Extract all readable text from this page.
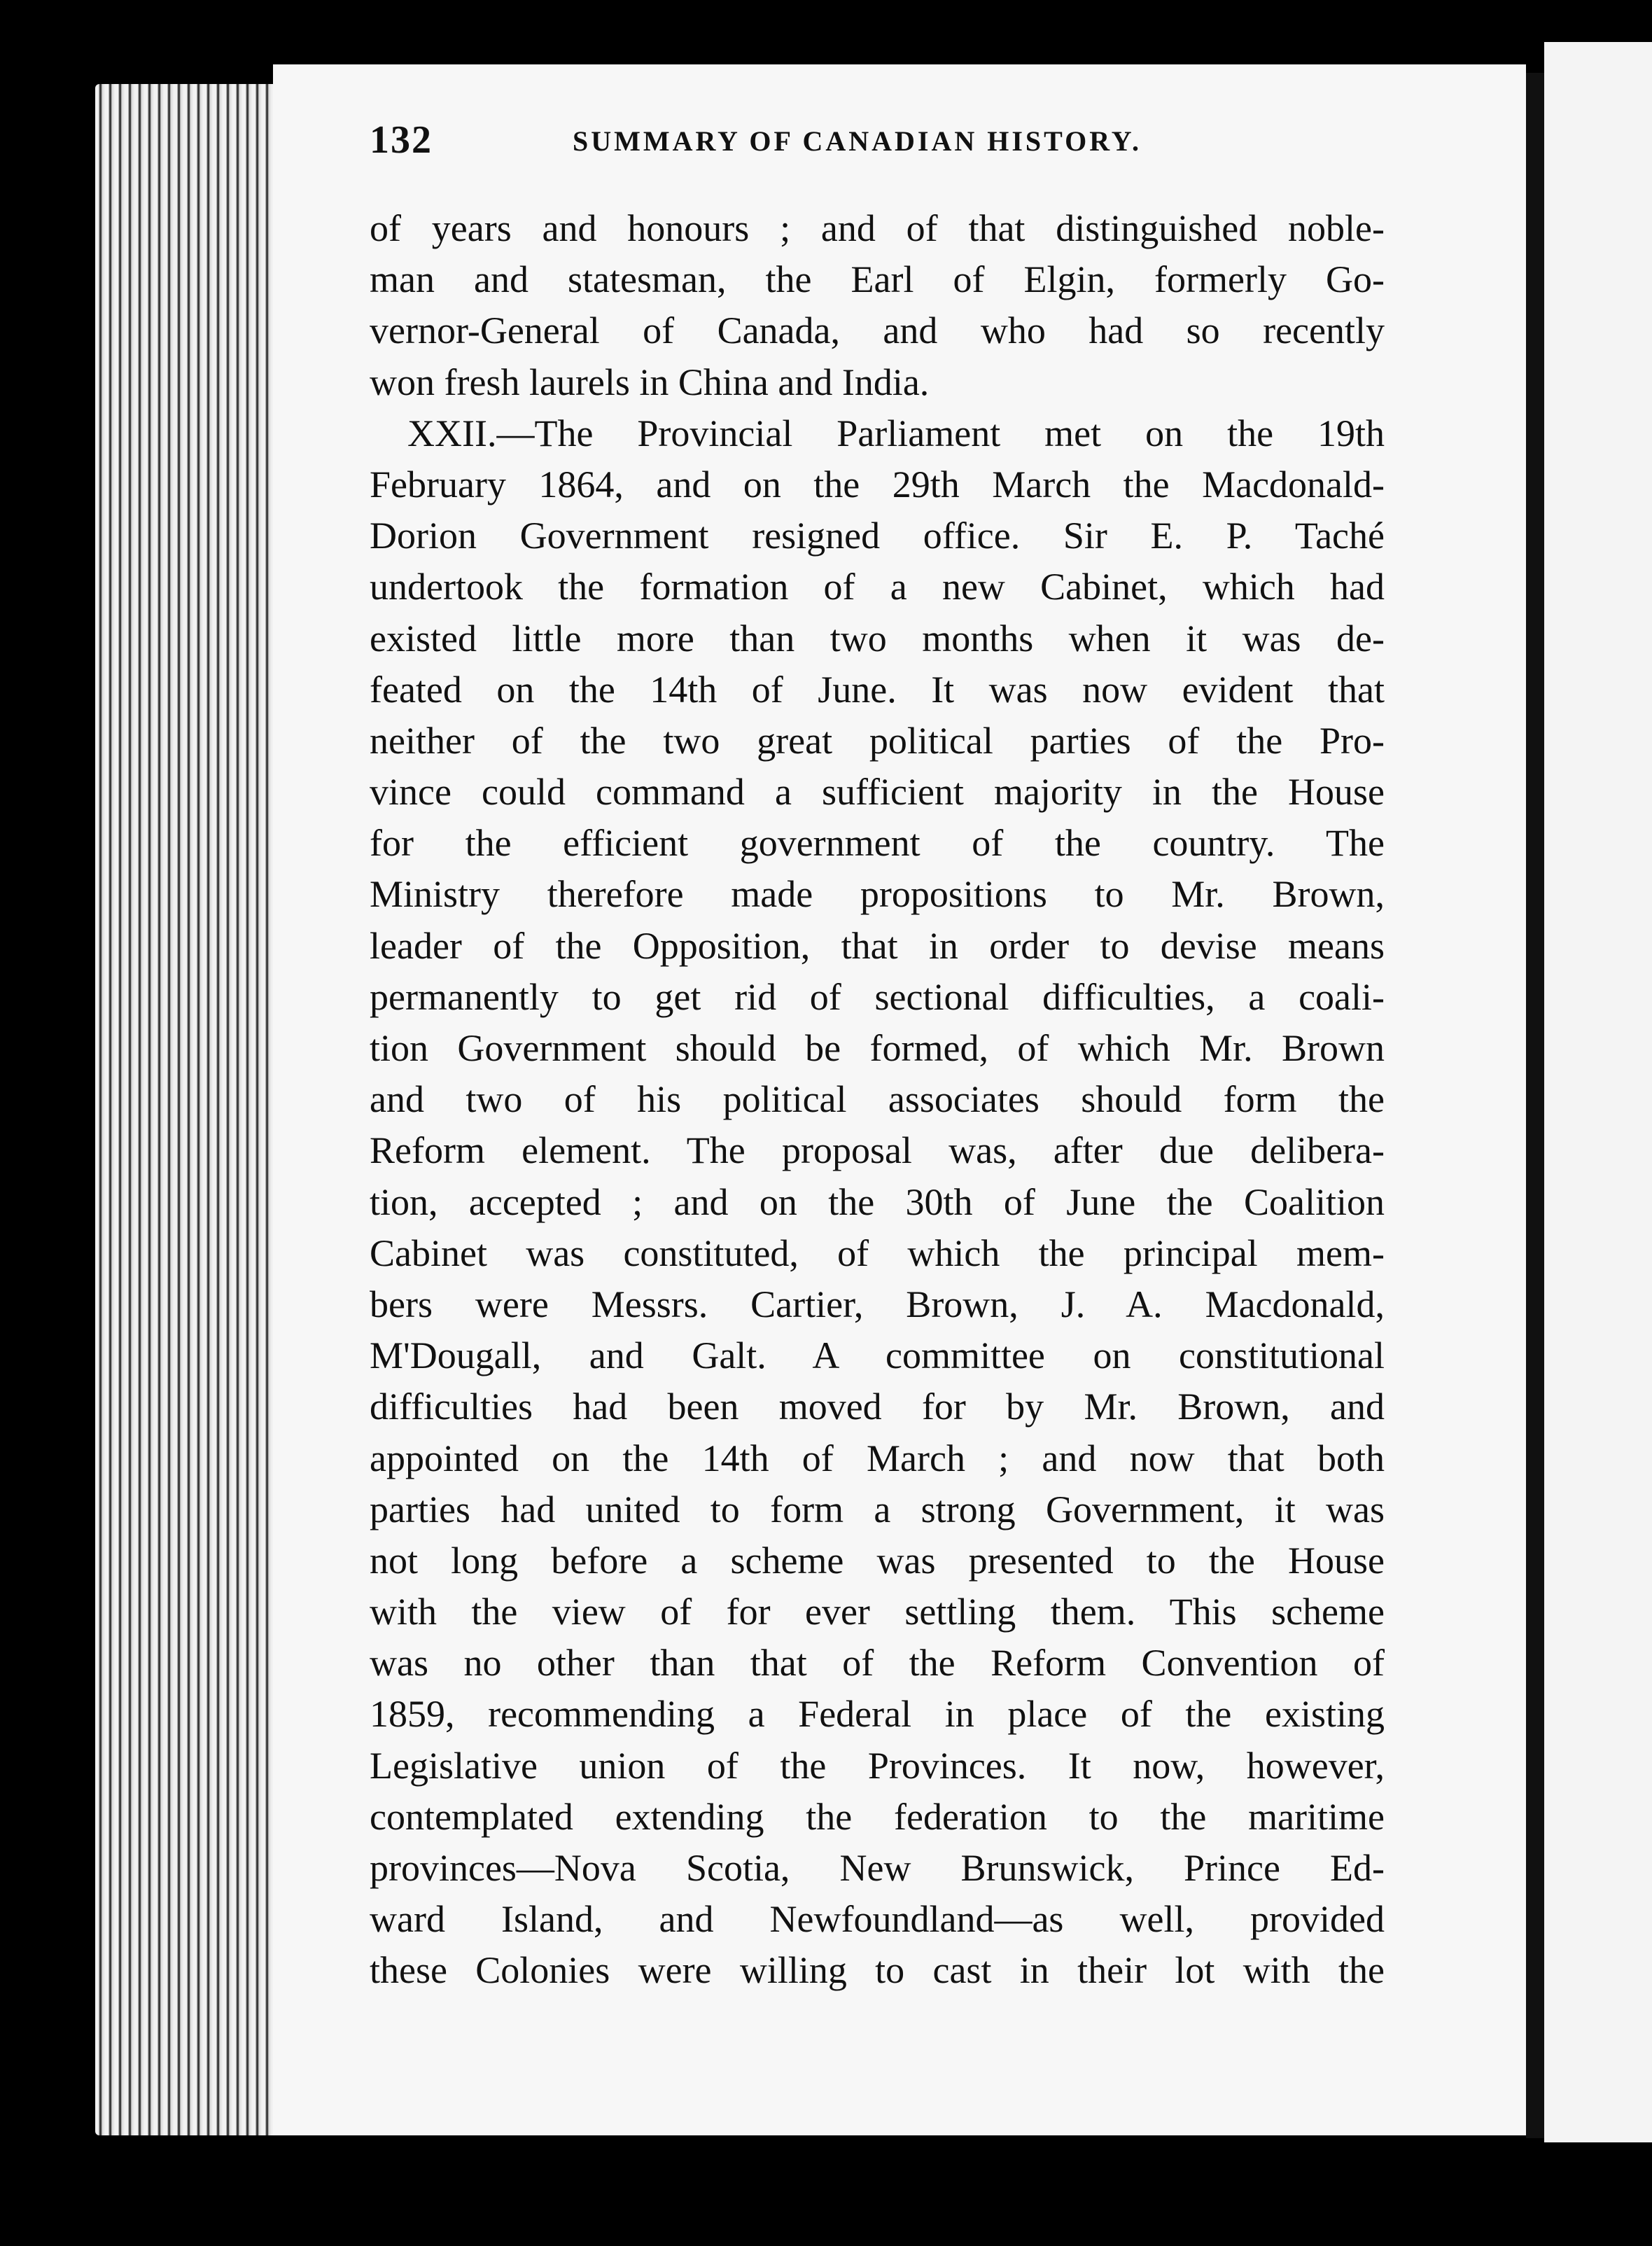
132	SUMMARY OF CANADIAN HISTORY.
of years and honours ; and of that distinguished noble-
man and statesman, the Earl of Elgin, formerly Go-
vernor-General of Canada, and who had so recently
won fresh laurels in China and India.
XXII.—The Provincial Parliament met on the 19th
February 1864, and on the 29th March the Macdonald-
Dorion Government resigned office. Sir E. P. Taché
undertook the formation of a new Cabinet, which had
existed little more than two months when it was de-
feated on the 14th of June. It was now evident that
neither of the two great political parties of the Pro-
vince could command a sufficient majority in the House
for the efficient government of the country. The
Ministry therefore made propositions to Mr. Brown,
leader of the Opposition, that in order to devise means
permanently to get rid of sectional difficulties, a coali-
tion Government should be formed, of which Mr. Brown
and two of his political associates should form the
Reform element. The proposal was, after due delibera-
tion, accepted ; and on the 30th of June the Coalition
Cabinet was constituted, of which the principal mem-
bers were Messrs. Cartier, Brown, J. A. Macdonald,
M'Dougall, and Galt. A committee on constitutional
difficulties had been moved for by Mr. Brown, and
appointed on the 14th of March ; and now that both
parties had united to form a strong Government, it was
not long before a scheme was presented to the House
with the view of for ever settling them. This scheme
was no other than that of the Reform Convention of
1859, recommending a Federal in place of the existing
Legislative union of the Provinces. It now, however,
contemplated extending the federation to the maritime
provinces—Nova Scotia, New Brunswick, Prince Ed-
ward Island, and Newfoundland—as well, provided
these Colonies were willing to cast in their lot with the
